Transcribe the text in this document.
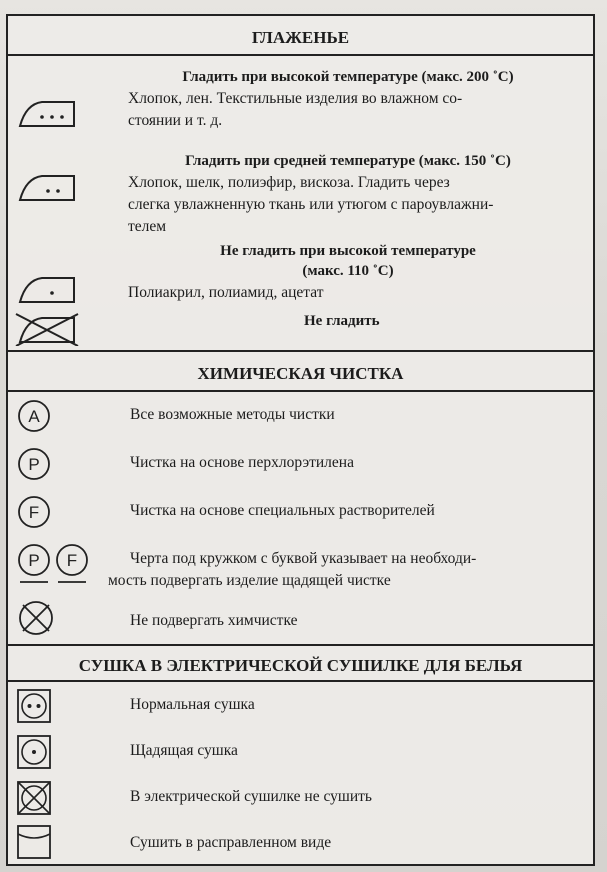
ГЛАЖЕНЬЕ
Гладить при высокой температуре (макс. 200 ˚С)
Хлопок, лен. Текстильные изделия во влажном со-
стоянии и т. д.
Гладить при средней температуре (макс. 150 ˚С)
Хлопок, шелк, полиэфир, вискоза. Гладить через
слегка увлажненную ткань или утюгом с пароувлажни-
телем
Не гладить при высокой температуре
(макс. 110 ˚С)
Полиакрил, полиамид, ацетат
Не гладить
ХИМИЧЕСКАЯ ЧИСТКА
A	Все возможные методы чистки
P	Чистка на основе перхлорэтилена
F	Чистка на основе специальных растворителей
P F	Черта под кружком с буквой указывает на необходи-
мость подвергать изделие щадящей чистке
Не подвергать химчистке
СУШКА В ЭЛЕКТРИЧЕСКОЙ СУШИЛКЕ ДЛЯ БЕЛЬЯ
Нормальная сушка
Щадящая сушка
В электрической сушилке не сушить
Сушить в расправленном виде
